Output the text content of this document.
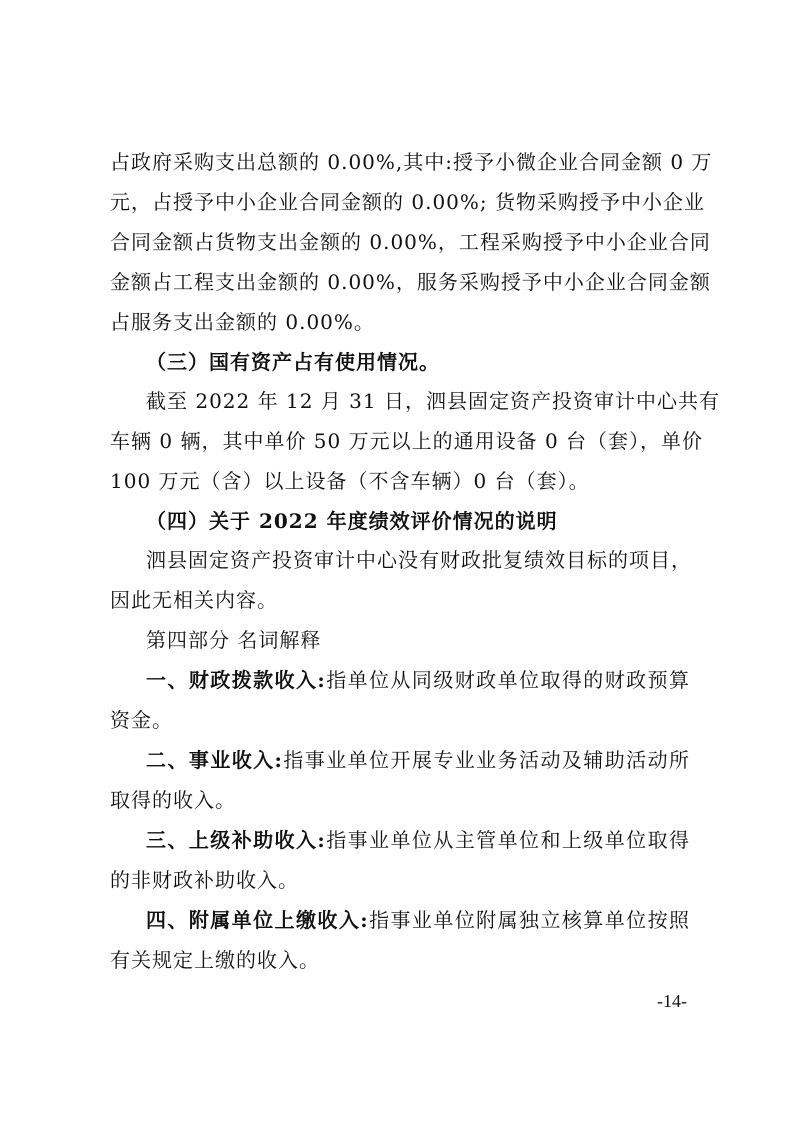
占政府采购支出总额的 0.00%,其中:授予小微企业合同金额 0 万
元，占授予中小企业合同金额的 0.00%; 货物采购授予中小企业
合同金额占货物支出金额的 0.00%，工程采购授予中小企业合同
金额占工程支出金额的 0.00%，服务采购授予中小企业合同金额
占服务支出金额的 0.00%。
（三）国有资产占有使用情况。
截至 2022 年 12 月 31 日，泗县固定资产投资审计中心共有
车辆 0 辆，其中单价 50 万元以上的通用设备 0 台（套），单价
100 万元（含）以上设备（不含车辆）0 台（套）。
（四）关于 2022 年度绩效评价情况的说明
泗县固定资产投资审计中心没有财政批复绩效目标的项目，
因此无相关内容。
第四部分 名词解释
一、财政拨款收入:指单位从同级财政单位取得的财政预算
资金。
二、事业收入:指事业单位开展专业业务活动及辅助活动所
取得的收入。
三、上级补助收入:指事业单位从主管单位和上级单位取得
的非财政补助收入。
四、附属单位上缴收入:指事业单位附属独立核算单位按照
有关规定上缴的收入。
-14-
